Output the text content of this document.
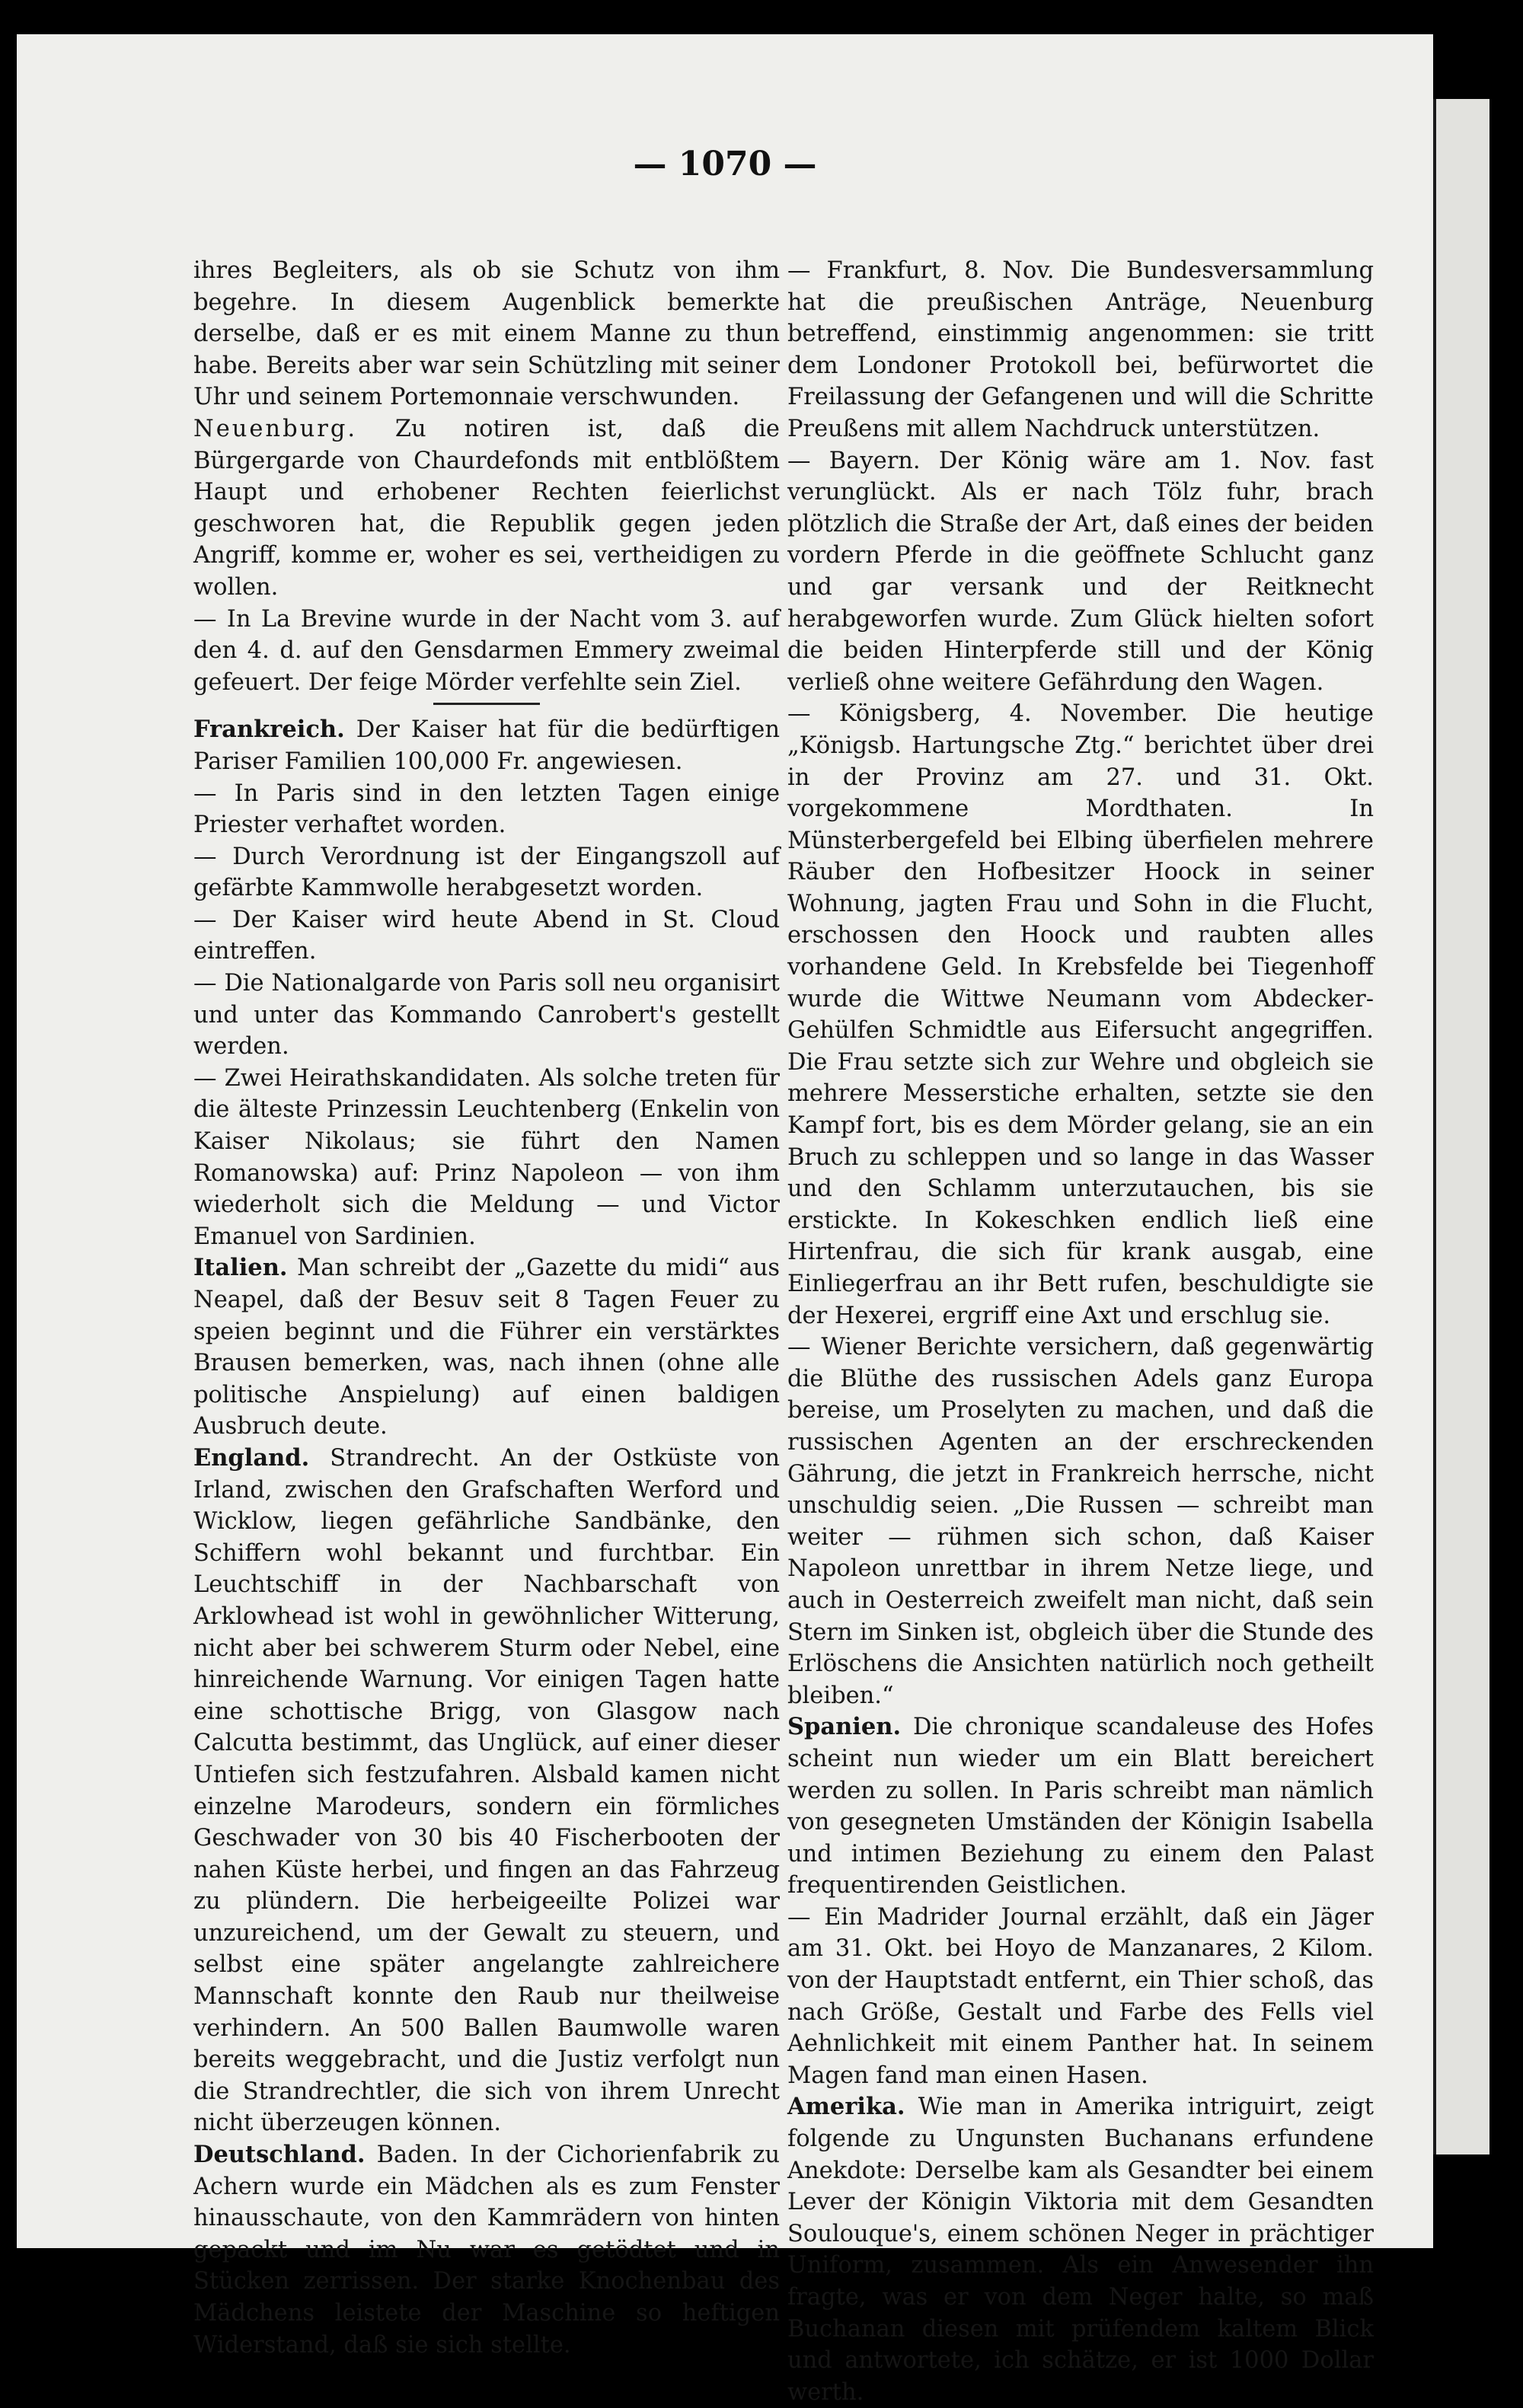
— 1070 —

ihres Begleiters, als ob sie Schutz von ihm begehre. In diesem Augenblick bemerkte derselbe, daß er es mit einem Manne zu thun habe. Bereits aber war sein Schützling mit seiner Uhr und seinem Portemonnaie verschwunden.

Neuenburg. Zu notiren ist, daß die Bürgergarde von Chaurdefonds mit entblößtem Haupt und erhobener Rechten feierlichst geschworen hat, die Republik gegen jeden Angriff, komme er, woher es sei, vertheidigen zu wollen.

— In La Brevine wurde in der Nacht vom 3. auf den 4. d. auf den Gensdarmen Emmery zweimal gefeuert. Der feige Mörder verfehlte sein Ziel.

Frankreich. Der Kaiser hat für die bedürftigen Pariser Familien 100,000 Fr. angewiesen.

— In Paris sind in den letzten Tagen einige Priester verhaftet worden.

— Durch Verordnung ist der Eingangszoll auf gefärbte Kammwolle herabgesetzt worden.

— Der Kaiser wird heute Abend in St. Cloud eintreffen.

— Die Nationalgarde von Paris soll neu organisirt und unter das Kommando Canrobert's gestellt werden.

— Zwei Heirathskandidaten. Als solche treten für die älteste Prinzessin Leuchtenberg (Enkelin von Kaiser Nikolaus; sie führt den Namen Romanowska) auf: Prinz Napoleon — von ihm wiederholt sich die Meldung — und Victor Emanuel von Sardinien.

Italien. Man schreibt der „Gazette du midi“ aus Neapel, daß der Besuv seit 8 Tagen Feuer zu speien beginnt und die Führer ein verstärktes Brausen bemerken, was, nach ihnen (ohne alle politische Anspielung) auf einen baldigen Ausbruch deute.

England. Strandrecht. An der Ostküste von Irland, zwischen den Grafschaften Werford und Wicklow, liegen gefährliche Sandbänke, den Schiffern wohl bekannt und furchtbar. Ein Leuchtschiff in der Nachbarschaft von Arklowhead ist wohl in gewöhnlicher Witterung, nicht aber bei schwerem Sturm oder Nebel, eine hinreichende Warnung. Vor einigen Tagen hatte eine schottische Brigg, von Glasgow nach Calcutta bestimmt, das Unglück, auf einer dieser Untiefen sich festzufahren. Alsbald kamen nicht einzelne Marodeurs, sondern ein förmliches Geschwader von 30 bis 40 Fischerbooten der nahen Küste herbei, und fingen an das Fahrzeug zu plündern. Die herbeigeeilte Polizei war unzureichend, um der Gewalt zu steuern, und selbst eine später angelangte zahlreichere Mannschaft konnte den Raub nur theilweise verhindern. An 500 Ballen Baumwolle waren bereits weggebracht, und die Justiz verfolgt nun die Strandrechtler, die sich von ihrem Unrecht nicht überzeugen können.

Deutschland. Baden. In der Cichorienfabrik zu Achern wurde ein Mädchen als es zum Fenster hinausschaute, von den Kammrädern von hinten gepackt und im Nu war es getödtet und in Stücken zerrissen. Der starke Knochenbau des Mädchens leistete der Maschine so heftigen Widerstand, daß sie sich stellte.

— Frankfurt, 8. Nov. Die Bundesversammlung hat die preußischen Anträge, Neuenburg betreffend, einstimmig angenommen: sie tritt dem Londoner Protokoll bei, befürwortet die Freilassung der Gefangenen und will die Schritte Preußens mit allem Nachdruck unterstützen.

— Bayern. Der König wäre am 1. Nov. fast verunglückt. Als er nach Tölz fuhr, brach plötzlich die Straße der Art, daß eines der beiden vordern Pferde in die geöffnete Schlucht ganz und gar versank und der Reitknecht herabgeworfen wurde. Zum Glück hielten sofort die beiden Hinterpferde still und der König verließ ohne weitere Gefährdung den Wagen.

— Königsberg, 4. November. Die heutige „Königsb. Hartungsche Ztg.“ berichtet über drei in der Provinz am 27. und 31. Okt. vorgekommene Mordthaten. In Münsterbergefeld bei Elbing überfielen mehrere Räuber den Hofbesitzer Hoock in seiner Wohnung, jagten Frau und Sohn in die Flucht, erschossen den Hoock und raubten alles vorhandene Geld. In Krebsfelde bei Tiegenhoff wurde die Wittwe Neumann vom Abdecker-Gehülfen Schmidtle aus Eifersucht angegriffen. Die Frau setzte sich zur Wehre und obgleich sie mehrere Messerstiche erhalten, setzte sie den Kampf fort, bis es dem Mörder gelang, sie an ein Bruch zu schleppen und so lange in das Wasser und den Schlamm unterzutauchen, bis sie erstickte. In Kokeschken endlich ließ eine Hirtenfrau, die sich für krank ausgab, eine Einliegerfrau an ihr Bett rufen, beschuldigte sie der Hexerei, ergriff eine Axt und erschlug sie.

— Wiener Berichte versichern, daß gegenwärtig die Blüthe des russischen Adels ganz Europa bereise, um Proselyten zu machen, und daß die russischen Agenten an der erschreckenden Gährung, die jetzt in Frankreich herrsche, nicht unschuldig seien. „Die Russen — schreibt man weiter — rühmen sich schon, daß Kaiser Napoleon unrettbar in ihrem Netze liege, und auch in Oesterreich zweifelt man nicht, daß sein Stern im Sinken ist, obgleich über die Stunde des Erlöschens die Ansichten natürlich noch getheilt bleiben.“

Spanien. Die chronique scandaleuse des Hofes scheint nun wieder um ein Blatt bereichert werden zu sollen. In Paris schreibt man nämlich von gesegneten Umständen der Königin Isabella und intimen Beziehung zu einem den Palast frequentirenden Geistlichen.

— Ein Madrider Journal erzählt, daß ein Jäger am 31. Okt. bei Hoyo de Manzanares, 2 Kilom. von der Hauptstadt entfernt, ein Thier schoß, das nach Größe, Gestalt und Farbe des Fells viel Aehnlichkeit mit einem Panther hat. In seinem Magen fand man einen Hasen.

Amerika. Wie man in Amerika intriguirt, zeigt folgende zu Ungunsten Buchanans erfundene Anekdote: Derselbe kam als Gesandter bei einem Lever der Königin Viktoria mit dem Gesandten Soulouque's, einem schönen Neger in prächtiger Uniform, zusammen. Als ein Anwesender ihn fragte, was er von dem Neger halte, so maß Buchanan diesen mit prüfendem kaltem Blick und antwortete, ich schätze, er ist 1000 Dollar werth.
